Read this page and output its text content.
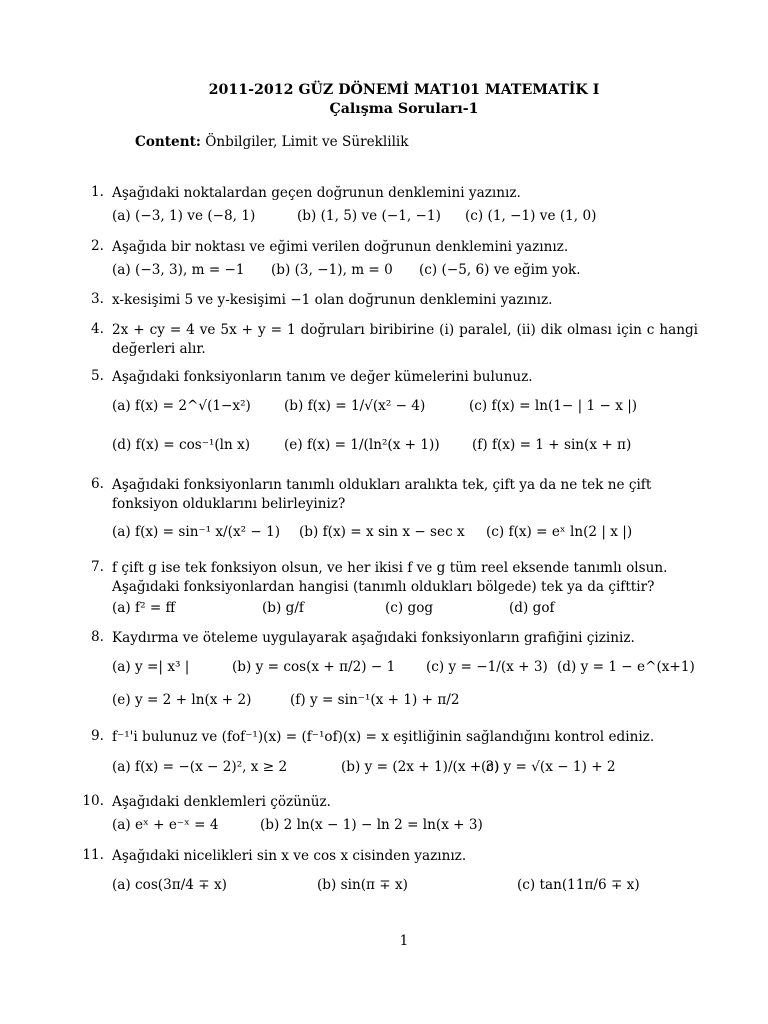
2011-2012 GÜZ DÖNEMİ MAT101 MATEMATİK I
Çalışma Soruları-1
Content: Önbilgiler, Limit ve Süreklilik
1. Aşağıdaki noktalardan geçen doğrunun denklemini yazınız.
(a) (−3, 1) ve (−8, 1)	(b) (1, 5) ve (−1, −1) (c) (1, −1) ve (1, 0)
2. Aşağıda bir noktası ve eğimi verilen doğrunun denklemini yazınız.
(a) (−3, 3), m = −1 (b) (3, −1), m = 0 (c) (−5, 6) ve eğim yok.
3. x-kesişimi 5 ve y-kesişimi −1 olan doğrunun denklemini yazınız.
4. 2x + cy = 4 ve 5x + y = 1 doğruları biribirine (i) paralel, (ii) dik olması için c hangi değerleri alır.
5. Aşağıdaki fonksiyonların tanım ve değer kümelerini bulunuz.
(a) f(x) = 2^√(1−x²) (b) f(x) = 1/√(x² − 4)	(c) f(x) = ln(1− | 1 − x |)
(d) f(x) = cos⁻¹(ln x) (e) f(x) = 1/(ln²(x + 1)) (f) f(x) = 1 + sin(x + π)
6. Aşağıdaki fonksiyonların tanımlı oldukları aralıkta tek, çift ya da ne tek ne çift fonksiyon olduklarını belirleyiniz?
(a) f(x) = sin⁻¹ x/(x² − 1) (b) f(x) = x sin x − sec x (c) f(x) = eˣ ln(2 | x |)
7. f çift g ise tek fonksiyon olsun, ve her ikisi f ve g tüm reel eksende tanımlı olsun. Aşağıdaki fonksiyonlardan hangisi (tanımlı oldukları bölgede) tek ya da çifttir?
(a) f² = ff	(b) g/f	(c) gog	(d) gof
8. Kaydırma ve öteleme uygulayarak aşağıdaki fonksiyonların grafiğini çiziniz.
(a) y =| x³ |	(b) y = cos(x + π/2) − 1 (c) y = −1/(x + 3) (d) y = 1 − e^(x+1)
(e) y = 2 + ln(x + 2)	(f) y = sin⁻¹(x + 1) + π/2
9. f⁻¹'i bulunuz ve (fof⁻¹)(x) = (f⁻¹of)(x) = x eşitliğinin sağlandığını kontrol ediniz.
(a) f(x) = −(x − 2)², x ≥ 2	(b) y = (2x + 1)/(x + 3)
(c) y = √(x − 1) + 2
10. Aşağıdaki denklemleri çözünüz.
(a) eˣ + e⁻ˣ = 4	(b) 2 ln(x − 1) − ln 2 = ln(x + 3)
11. Aşağıdaki nicelikleri sin x ve cos x cisinden yazınız.
(a) cos(3π/4 ∓ x)	(b) sin(π ∓ x)	(c) tan(11π/6 ∓ x)
1
